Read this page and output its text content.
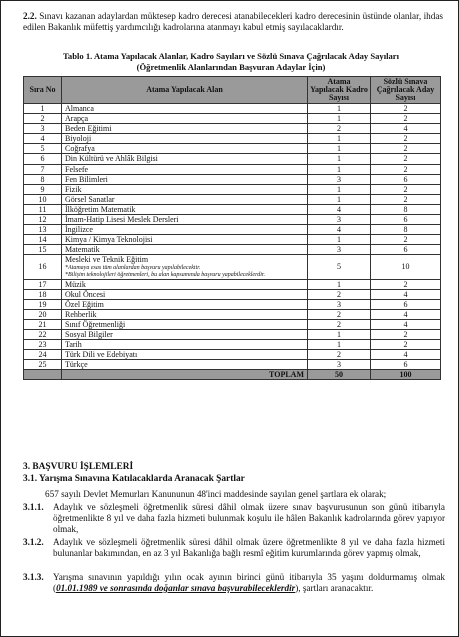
2.2. Sınavı kazanan adaylardan müktesep kadro derecesi atanabilecekleri kadro derecesinin üstünde olanlar, ihdas edilen Bakanlık müfettiş yardımcılığı kadrolarına atanmayı kabul etmiş sayılacaklardır.
Tablo 1. Atama Yapılacak Alanlar, Kadro Sayıları ve Sözlü Sınava Çağrılacak Aday Sayıları
(Öğretmenlik Alanlarından Başvuran Adaylar İçin)
Sıra No	Atama Yapılacak Alan	Atama Yapılacak Kadro Sayısı	Sözlü Sınava Çağrılacak Aday Sayısı
1	Almanca	1	2
2	Arapça	1	2
3	Beden Eğitimi	2	4
4	Biyoloji	1	2
5	Coğrafya	1	2
6	Din Kültürü ve Ahlâk Bilgisi	1	2
7	Felsefe	1	2
8	Fen Bilimleri	3	6
9	Fizik	1	2
10	Görsel Sanatlar	1	2
11	İlköğretim Matematik	4	8
12	İmam-Hatip Lisesi Meslek Dersleri	3	6
13	İngilizce	4	8
14	Kimya / Kimya Teknolojisi	1	2
15	Matematik	3	6
16	Mesleki ve Teknik Eğitim
*Atamaya esas tüm alanlardan başvuru yapılabilecektir.
*Bilişim teknolojileri öğretmenleri, bu alan kapsamında başvuru yapabileceklerdir.	5	10
17	Müzik	1	2
18	Okul Öncesi	2	4
19	Özel Eğitim	3	6
20	Rehberlik	2	4
21	Sınıf Öğretmenliği	2	4
22	Sosyal Bilgiler	1	2
23	Tarih	1	2
24	Türk Dili ve Edebiyatı	2	4
25	Türkçe	3	6
	TOPLAM	50	100
3. BAŞVURU İŞLEMLERİ
3.1. Yarışma Sınavına Katılacaklarda Aranacak Şartlar
657 sayılı Devlet Memurları Kanununun 48'inci maddesinde sayılan genel şartlara ek olarak;
3.1.1.	Adaylık ve sözleşmeli öğretmenlik süresi dâhil olmak üzere sınav başvurusunun son günü itibarıyla öğretmenlikte 8 yıl ve daha fazla hizmeti bulunmak koşulu ile hâlen Bakanlık kadrolarında görev yapıyor olmak,
3.1.2.	Adaylık ve sözleşmeli öğretmenlik süresi dâhil olmak üzere öğretmenlikte 8 yıl ve daha fazla hizmeti bulunanlar bakımından, en az 3 yıl Bakanlığa bağlı resmî eğitim kurumlarında görev yapmış olmak,
3.1.3.	Yarışma sınavının yapıldığı yılın ocak ayının birinci günü itibarıyla 35 yaşını doldurmamış olmak (01.01.1989 ve sonrasında doğanlar sınava başvurabileceklerdir), şartları aranacaktır.
